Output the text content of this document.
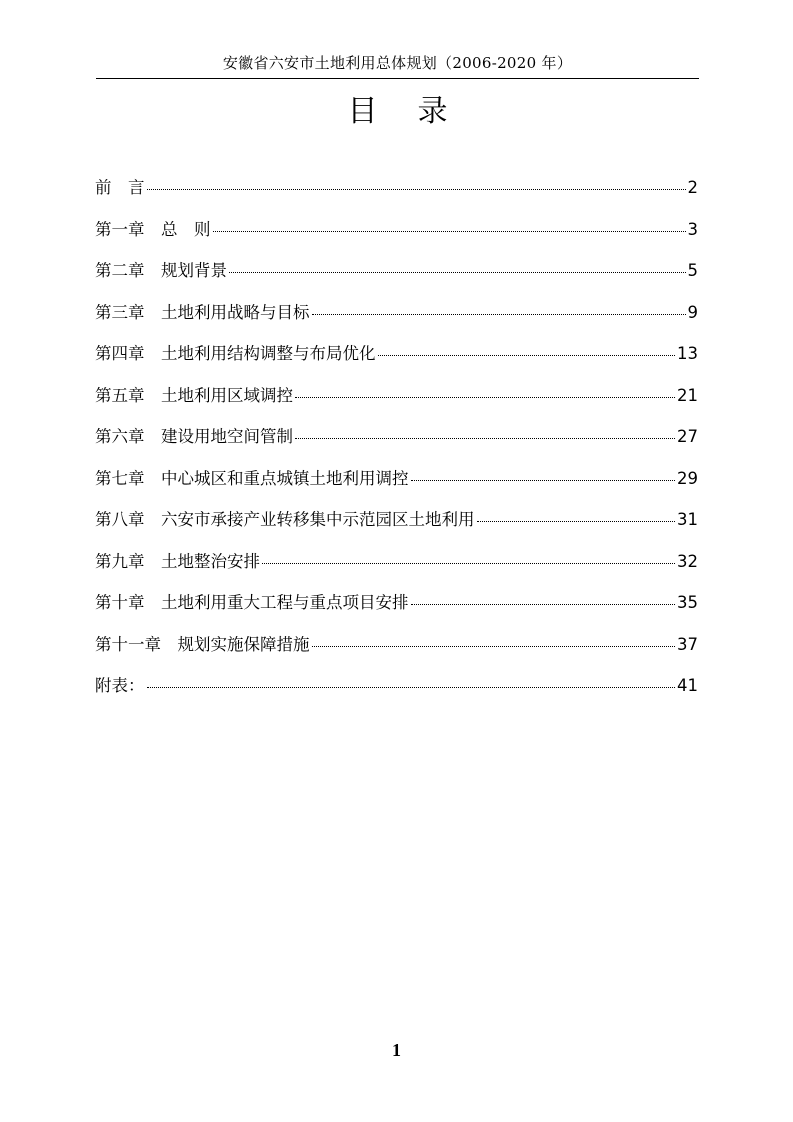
安徽省六安市土地利用总体规划（2006-2020 年）
目 录
前　言	2
第一章　总　则	3
第二章　规划背景	5
第三章　土地利用战略与目标	9
第四章　土地利用结构调整与布局优化	13
第五章　土地利用区域调控	21
第六章　建设用地空间管制	27
第七章　中心城区和重点城镇土地利用调控	29
第八章　六安市承接产业转移集中示范园区土地利用	31
第九章　土地整治安排	32
第十章　土地利用重大工程与重点项目安排	35
第十一章　规划实施保障措施	37
附表：	41
1
